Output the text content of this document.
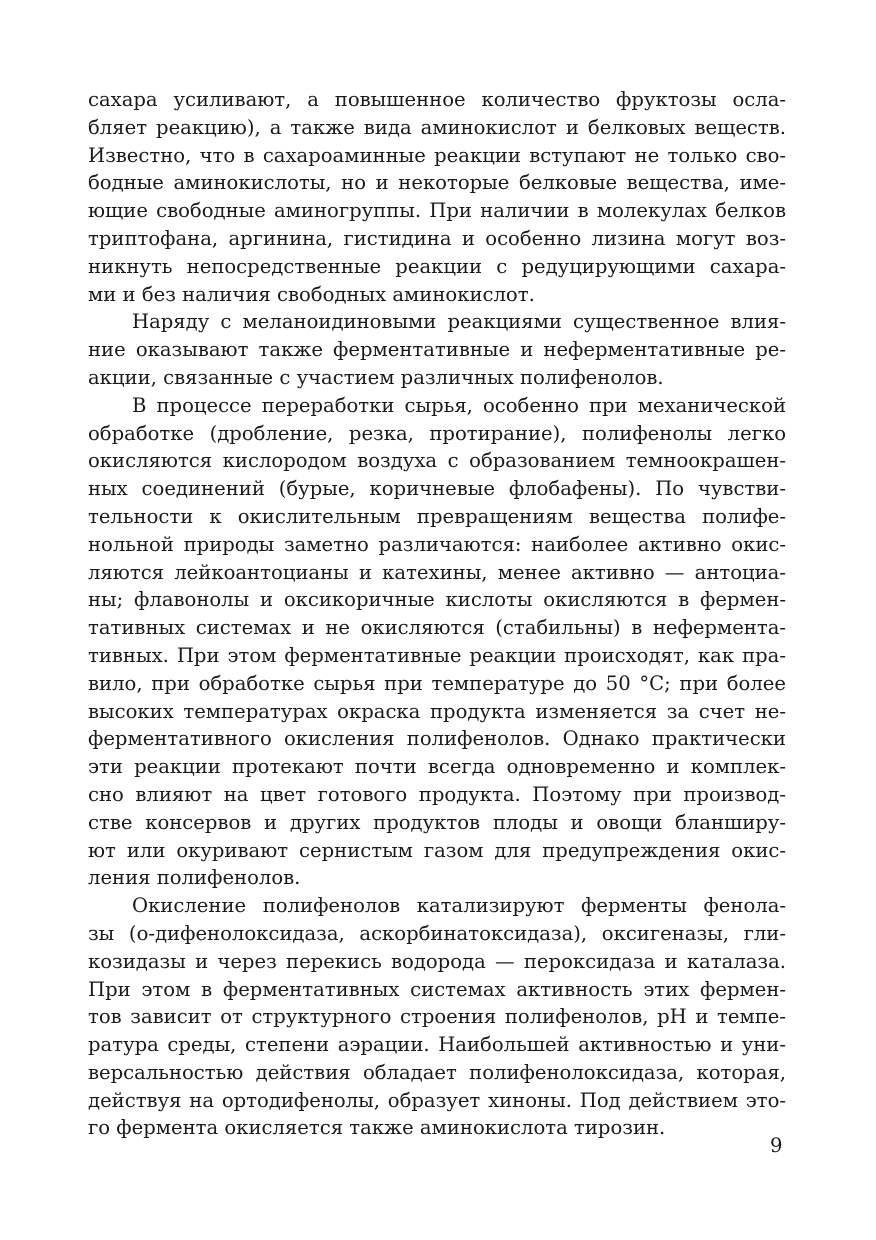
сахара усиливают, а повышенное количество фруктозы осла-
бляет реакцию), а также вида аминокислот и белковых веществ.
Известно, что в сахароаминные реакции вступают не только сво-
бодные аминокислоты, но и некоторые белковые вещества, име-
ющие свободные аминогруппы. При наличии в молекулах белков
триптофана, аргинина, гистидина и особенно лизина могут воз-
никнуть непосредственные реакции с редуцирующими сахара-
ми и без наличия свободных аминокислот.
Наряду с меланоидиновыми реакциями существенное влия-
ние оказывают также ферментативные и неферментативные ре-
акции, связанные с участием различных полифенолов.
В процессе переработки сырья, особенно при механической
обработке (дробление, резка, протирание), полифенолы легко
окисляются кислородом воздуха с образованием темноокрашен-
ных соединений (бурые, коричневые флобафены). По чувстви-
тельности к окислительным превращениям вещества полифе-
нольной природы заметно различаются: наиболее активно окис-
ляются лейкоантоцианы и катехины, менее активно — антоциа-
ны; флавонолы и оксикоричные кислоты окисляются в фермен-
тативных системах и не окисляются (стабильны) в нефермента-
тивных. При этом ферментативные реакции происходят, как пра-
вило, при обработке сырья при температуре до 50 °С; при более
высоких температурах окраска продукта изменяется за счет не-
ферментативного окисления полифенолов. Однако практически
эти реакции протекают почти всегда одновременно и комплек-
сно влияют на цвет готового продукта. Поэтому при производ-
стве консервов и других продуктов плоды и овощи бланширу-
ют или окуривают сернистым газом для предупреждения окис-
ления полифенолов.
Окисление полифенолов катализируют ферменты фенола-
зы (о-дифенолоксидаза, аскорбинатоксидаза), оксигеназы, гли-
козидазы и через перекись водорода — пероксидаза и каталаза.
При этом в ферментативных системах активность этих фермен-
тов зависит от структурного строения полифенолов, pH и темпе-
ратура среды, степени аэрации. Наибольшей активностью и уни-
версальностью действия обладает полифенолоксидаза, которая,
действуя на ортодифенолы, образует хиноны. Под действием это-
го фермента окисляется также аминокислота тирозин.
9
